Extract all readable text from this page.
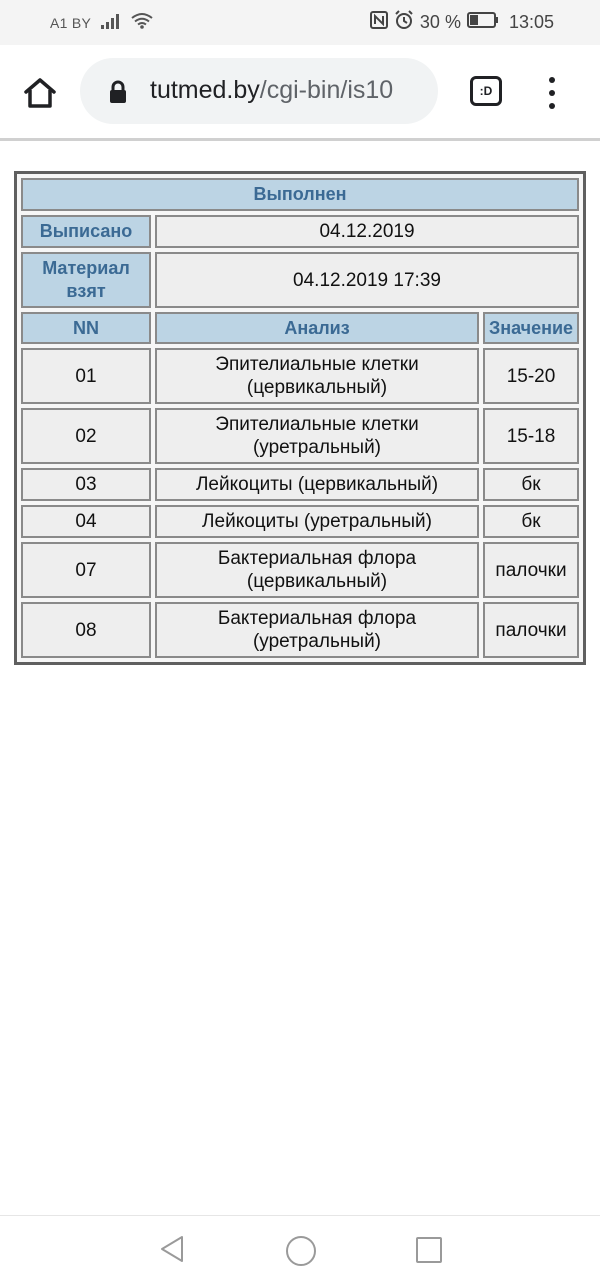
A1 BY	30 %	13:05
tutmed.by/cgi-bin/is10	:D
Выполнен		
Выписано	04.12.2019	
Материал взят	04.12.2019 17:39	
NN	Анализ	Значение
01	Эпителиальные клетки (цервикальный)	15-20
02	Эпителиальные клетки (уретральный)	15-18
03	Лейкоциты (цервикальный)	бк
04	Лейкоциты (уретральный)	бк
07	Бактериальная флора (цервикальный)	палочки
08	Бактериальная флора (уретральный)	палочки
